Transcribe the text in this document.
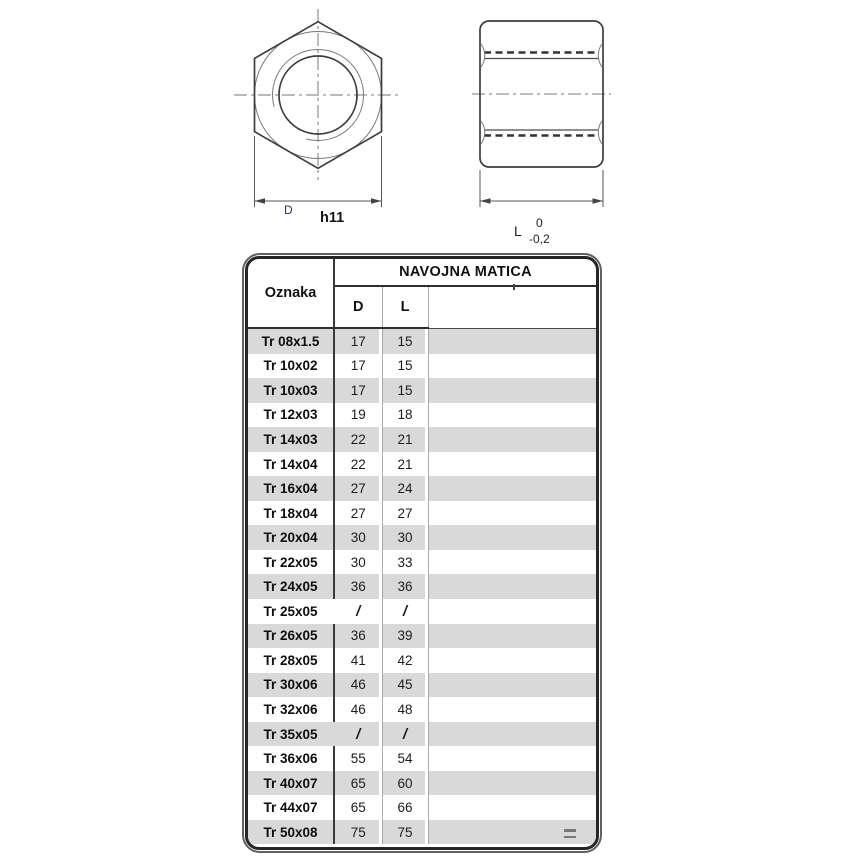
D h11
L 0
-0,2
Oznaka	NAVOJNA MATICA		
	D	L	
Tr 08x1.5	17	15	
Tr 10x02	17	15	
Tr 10x03	17	15	
Tr 12x03	19	18	
Tr 14x03	22	21	
Tr 14x04	22	21	
Tr 16x04	27	24	
Tr 18x04	27	27	
Tr 20x04	30	30	
Tr 22x05	30	33	
Tr 24x05	36	36	
Tr 25x05	/	/	
Tr 26x05	36	39	
Tr 28x05	41	42	
Tr 30x06	46	45	
Tr 32x06	46	48	
Tr 35x05	/	/	
Tr 36x06	55	54	
Tr 40x07	65	60	
Tr 44x07	65	66	
Tr 50x08	75	75	
